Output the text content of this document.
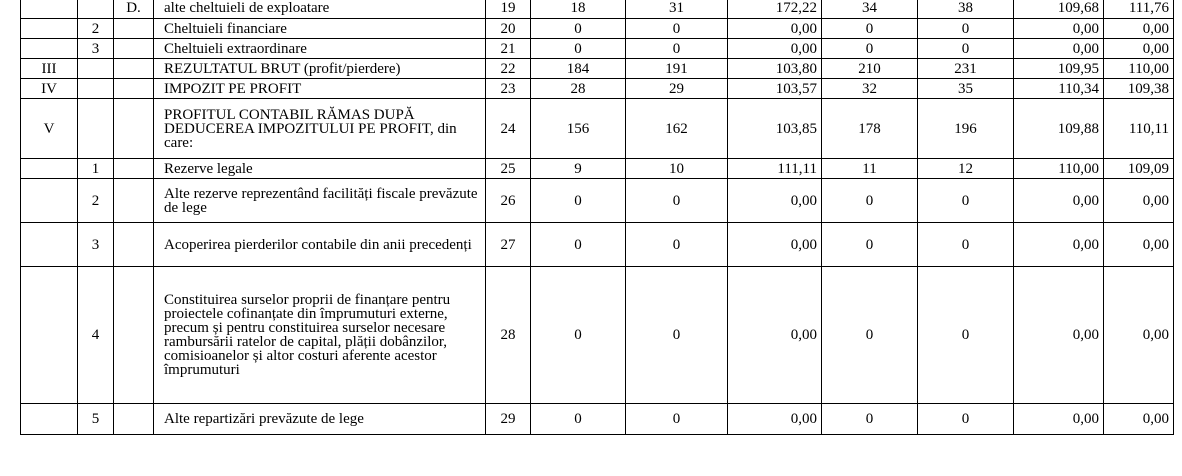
		D.	alte cheltuieli de exploatare	19	18	31	172,22	34	38	109,68	111,76
	2		Cheltuieli financiare	20	0	0	0,00	0	0	0,00	0,00
	3		Cheltuieli extraordinare	21	0	0	0,00	0	0	0,00	0,00
III			REZULTATUL BRUT (profit/pierdere)	22	184	191	103,80	210	231	109,95	110,00
IV			IMPOZIT PE PROFIT	23	28	29	103,57	32	35	110,34	109,38
V			PROFITUL CONTABIL RĂMAS DUPĂ DEDUCEREA IMPOZITULUI PE PROFIT, din care:	24	156	162	103,85	178	196	109,88	110,11
	1		Rezerve legale	25	9	10	111,11	11	12	110,00	109,09
	2		Alte rezerve reprezentând facilități fiscale prevăzute de lege	26	0	0	0,00	0	0	0,00	0,00
	3		Acoperirea pierderilor contabile din anii precedenți	27	0	0	0,00	0	0	0,00	0,00
	4		Constituirea surselor proprii de finanțare pentru proiectele cofinanțate din împrumuturi externe, precum și pentru constituirea surselor necesare rambursării ratelor de capital, plății dobânzilor, comisioanelor și altor costuri aferente acestor împrumuturi	28	0	0	0,00	0	0	0,00	0,00
	5		Alte repartizări prevăzute de lege	29	0	0	0,00	0	0	0,00	0,00
